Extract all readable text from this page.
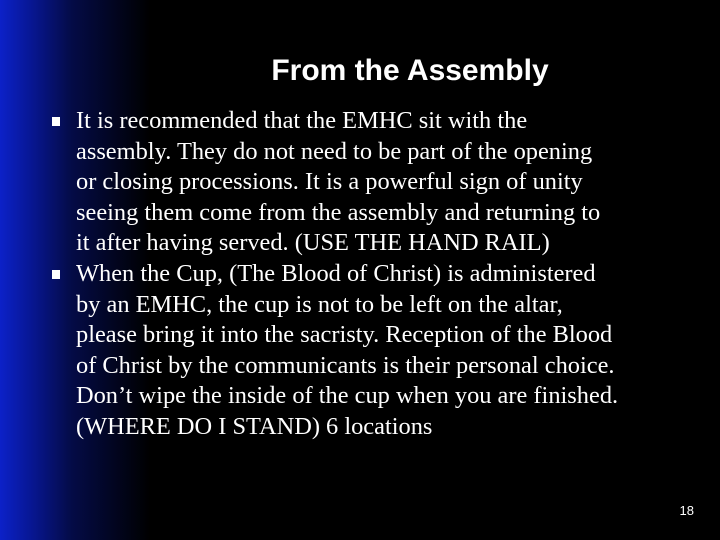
From the Assembly
It is recommended that the EMHC sit with the
assembly. They do not need to be part of the opening
or closing processions. It is a powerful sign of unity
seeing them come from the assembly and returning to
it after having served. (USE THE HAND RAIL)
When the Cup, (The Blood of Christ) is administered
by an EMHC, the cup is not to be left on the altar,
please bring it into the sacristy. Reception of the Blood
of Christ by the communicants is their personal choice.
Don’t wipe the inside of the cup when you are finished.
(WHERE DO I STAND) 6 locations
18
